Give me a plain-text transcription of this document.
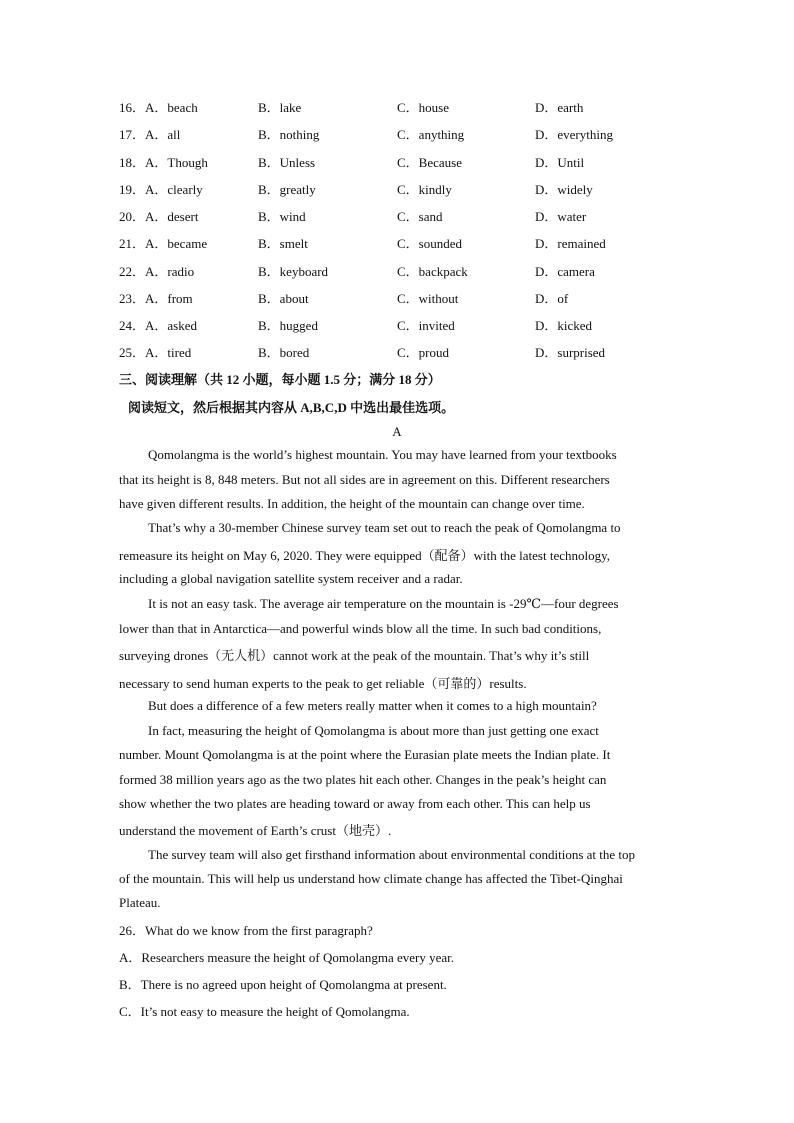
16．A．beach	B．lake	C．house	D．earth
17．A．all	B．nothing	C．anything	D．everything
18．A．Though	B．Unless	C．Because	D．Until
19．A．clearly	B．greatly	C．kindly	D．widely
20．A．desert	B．wind	C．sand	D．water
21．A．became	B．smelt	C．sounded	D．remained
22．A．radio	B．keyboard	C．backpack	D．camera
23．A．from	B．about	C．without	D．of
24．A．asked	B．hugged	C．invited	D．kicked
25．A．tired	B．bored	C．proud	D．surprised
三、阅读理解（共 12 小题，每小题 1.5 分；满分 18 分）
阅读短文，然后根据其内容从 A,B,C,D 中选出最佳选项。
A
Qomolangma is the world’s highest mountain. You may have learned from your textbooks
that its height is 8, 848 meters. But not all sides are in agreement on this. Different researchers
have given different results. In addition, the height of the mountain can change over time.
That’s why a 30-member Chinese survey team set out to reach the peak of Qomolangma to
remeasure its height on May 6, 2020. They were equipped（配备）with the latest technology,
including a global navigation satellite system receiver and a radar.
It is not an easy task. The average air temperature on the mountain is -29℃—four degrees
lower than that in Antarctica—and powerful winds blow all the time. In such bad conditions,
surveying drones（无人机）cannot work at the peak of the mountain. That’s why it’s still
necessary to send human experts to the peak to get reliable（可靠的）results.
But does a difference of a few meters really matter when it comes to a high mountain?
In fact, measuring the height of Qomolangma is about more than just getting one exact
number. Mount Qomolangma is at the point where the Eurasian plate meets the Indian plate. It
formed 38 million years ago as the two plates hit each other. Changes in the peak’s height can
show whether the two plates are heading toward or away from each other. This can help us
understand the movement of Earth’s crust（地壳）.
The survey team will also get firsthand information about environmental conditions at the top
of the mountain. This will help us understand how climate change has affected the Tibet-Qinghai
Plateau.
26．What do we know from the first paragraph?
A．Researchers measure the height of Qomolangma every year.
B．There is no agreed upon height of Qomolangma at present.
C．It’s not easy to measure the height of Qomolangma.
